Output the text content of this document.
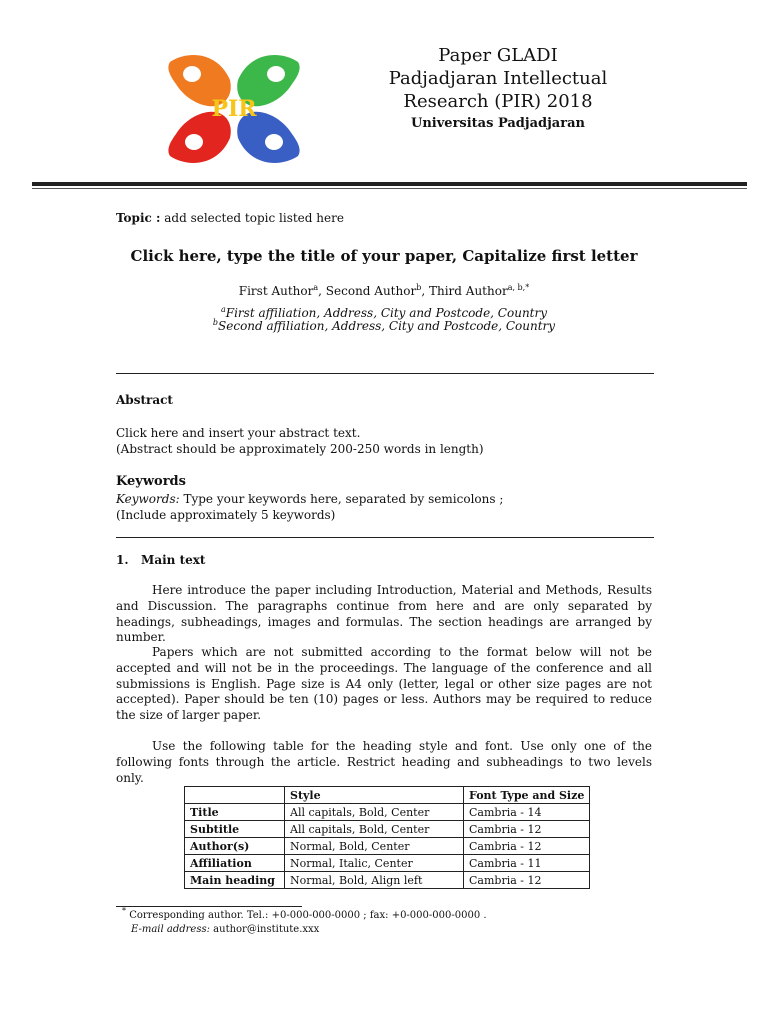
PIR
Paper GLADI
Padjadjaran Intellectual
Research (PIR) 2018
Universitas Padjadjaran
Topic : add selected topic listed here
Click here, type the title of your paper, Capitalize first letter
First Author$^a$, Second Author$^b$, Third Author$^{a, b,*}$
$^a$First affiliation, Address, City and Postcode, Country
$^b$Second affiliation, Address, City and Postcode, Country
Abstract
Click here and insert your abstract text.
(Abstract should be approximately 200-250 words in length)
Keywords
Keywords: Type your keywords here, separated by semicolons ;
(Include approximately 5 keywords)
1.   Main text
Here introduce the paper including Introduction, Material and Methods, Results and Discussion. The paragraphs continue from here and are only separated by headings, subheadings, images and formulas. The section headings are arranged by number.
Papers which are not submitted according to the format below will not be accepted and will not be in the proceedings. The language of the conference and all submissions is English. Page size is A4 only (letter, legal or other size pages are not accepted). Paper should be ten (10) pages or less. Authors may be required to reduce the size of larger paper.
Use the following table for the heading style and font. Use only one of the following fonts through the article. Restrict heading and subheadings to two levels only.
	Style	Font Type and Size
Title	All capitals, Bold, Center	Cambria - 14
Subtitle	All capitals, Bold, Center	Cambria - 12
Author(s)	Normal, Bold, Center	Cambria - 12
Affiliation	Normal, Italic, Center	Cambria - 11
Main heading	Normal, Bold, Align left	Cambria - 12
* Corresponding author. Tel.: +0-000-000-0000 ; fax: +0-000-000-0000 .
E-mail address: author@institute.xxx
